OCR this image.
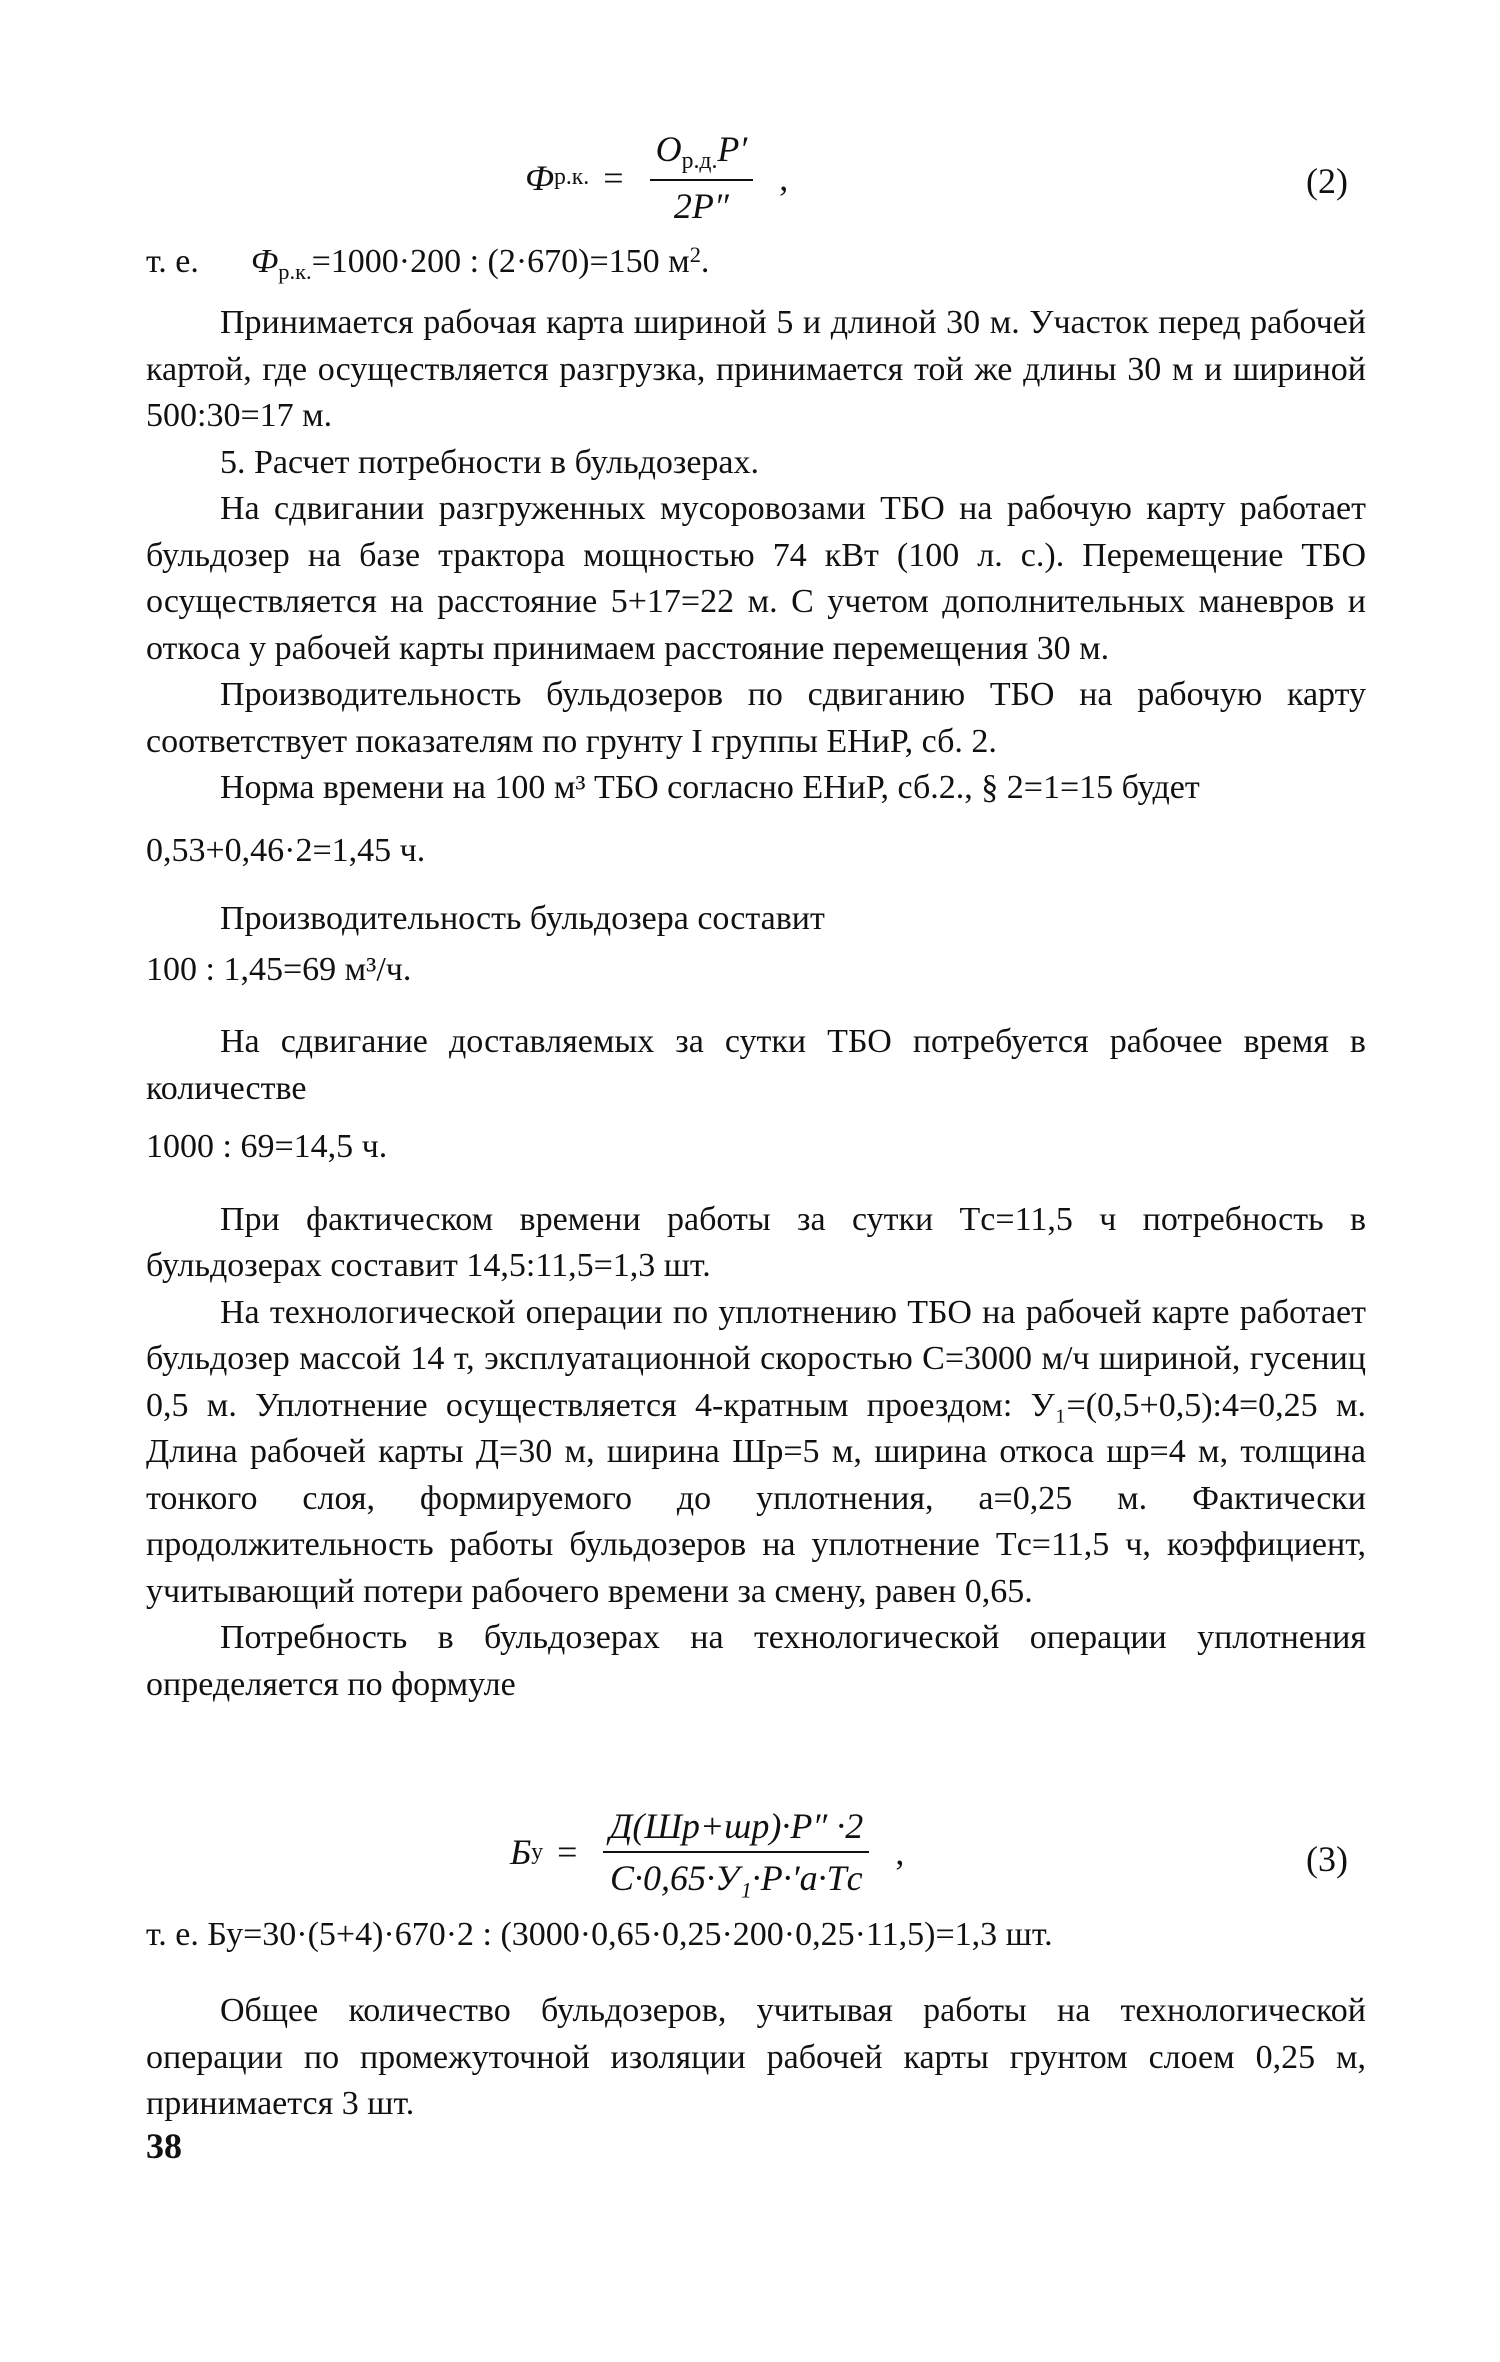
Ф р.к. = $\frac{О_{р.д.}P'}{2P''}$ ,	(2)
т. е. $Ф_{р.к.}=1000\cdot 200$ : (2·670)=150 $м^2$.

Принимается рабочая карта шириной 5 и длиной 30 м. Участок перед рабочей картой, где осуществляется разгрузка, принимается той же длины 30 м и шириной 500:30=17 м.

5. Расчет потребности в бульдозерах.

На сдвигании разгруженных мусоровозами ТБО на рабочую карту работает бульдозер на базе трактора мощностью 74 кВт (100 л. с.). Перемещение ТБО осуществляется на расстояние 5+17=22 м. С учетом дополнительных маневров и откоса у рабочей карты принимаем расстояние перемещения 30 м.

Производительность бульдозеров по сдвиганию ТБО на рабочую карту соответствует показателям по грунту I группы ЕНиР, сб. 2.

Норма времени на 100 м³ ТБО согласно ЕНиР, сб.2., § 2=1=15 будет

0,53+0,46·2=1,45 ч.

Производительность бульдозера составит

100 : 1,45=69 м³/ч.

На сдвигание доставляемых за сутки ТБО потребуется рабочее время в количестве

1000 : 69=14,5 ч.

При фактическом времени работы за сутки Tс=11,5 ч потребность в бульдозерах составит 14,5:11,5=1,3 шт.

На технологической операции по уплотнению ТБО на рабочей карте работает бульдозер массой 14 т, эксплуатационной скоростью С=3000 м/ч шириной, гусениц 0,5 м. Уплотнение осуществляется 4-кратным проездом: У₁=(0,5+0,5):4=0,25 м. Длина рабочей карты Д=30 м, ширина Шр=5 м, ширина откоса шр=4 м, толщина тонкого слоя, формируемого до уплотнения, а=0,25 м. Фактически продолжительность работы бульдозеров на уплотнение Tс=11,5 ч, коэффициент, учитывающий потери рабочего времени за смену, равен 0,65.

Потребность в бульдозерах на технологической операции уплотнения определяется по формуле

Б $у = \frac{Д(Шр+шр)\cdot P'' \cdot 2}{\text{С·0,65·У₁·P·′a·Tс}}$ ,	(3)
т. е. Бу=30·(5+4)·670·2 : (3000·0,65·0,25·200·0,25·11,5)=1,3 шт.

Общее количество бульдозеров, учитывая работы на технологической операции по промежуточной изоляции рабочей карты грунтом слоем 0,25 м, принимается 3 шт.

38
